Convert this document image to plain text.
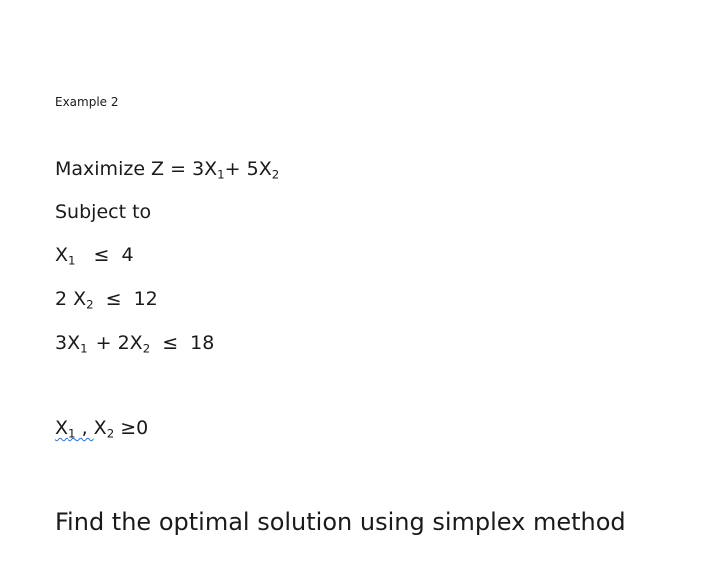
Example 2
Maximize $Z = 3X_1+ 5X_2$
Subject to
$X_1 \le 4$
2 $X_2 \le 12$
$3X_1 + 2X_2 \le 18$
$X_1$ , $X_2 \ge 0$
Find the optimal solution using simplex method
